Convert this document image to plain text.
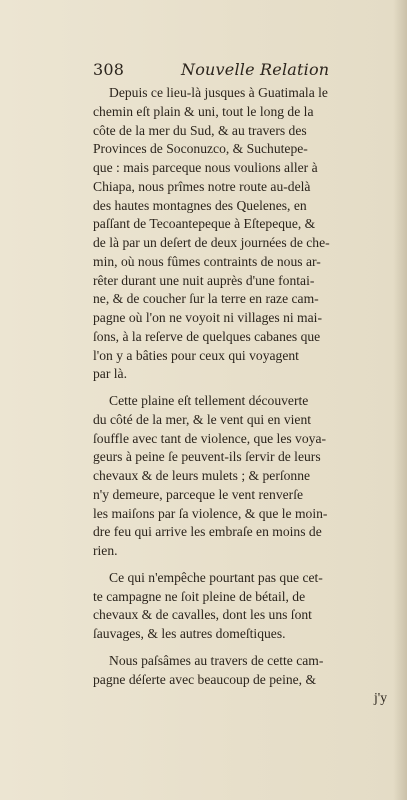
308	Nouvelle Relation
Depuis ce lieu-là jusques à Guatimala le
chemin eſt plain & uni, tout le long de la
côte de la mer du Sud, & au travers des
Provinces de Soconuzco, & Suchutepe-
que : mais parceque nous voulions aller à
Chiapa, nous prîmes notre route au-delà
des hautes montagnes des Quelenes, en
paſſant de Tecoantepeque à Eſtepeque, &
de là par un deſert de deux journées de che-
min, où nous fûmes contraints de nous ar-
rêter durant une nuit auprès d'une fontai-
ne, & de coucher ſur la terre en raze cam-
pagne où l'on ne voyoit ni villages ni mai-
ſons, à la reſerve de quelques cabanes que
l'on y a bâties pour ceux qui voyagent
par là.
Cette plaine eſt tellement découverte
du côté de la mer, & le vent qui en vient
ſouffle avec tant de violence, que les voya-
geurs à peine ſe peuvent-ils ſervir de leurs
chevaux & de leurs mulets ; & perſonne
n'y demeure, parceque le vent renverſe
les maiſons par ſa violence, & que le moin-
dre feu qui arrive les embraſe en moins de
rien.
Ce qui n'empêche pourtant pas que cet-
te campagne ne ſoit pleine de bétail, de
chevaux & de cavalles, dont les uns ſont
ſauvages, & les autres domeſtiques.
Nous paſsâmes au travers de cette cam-
pagne déſerte avec beaucoup de peine, &
j'y
